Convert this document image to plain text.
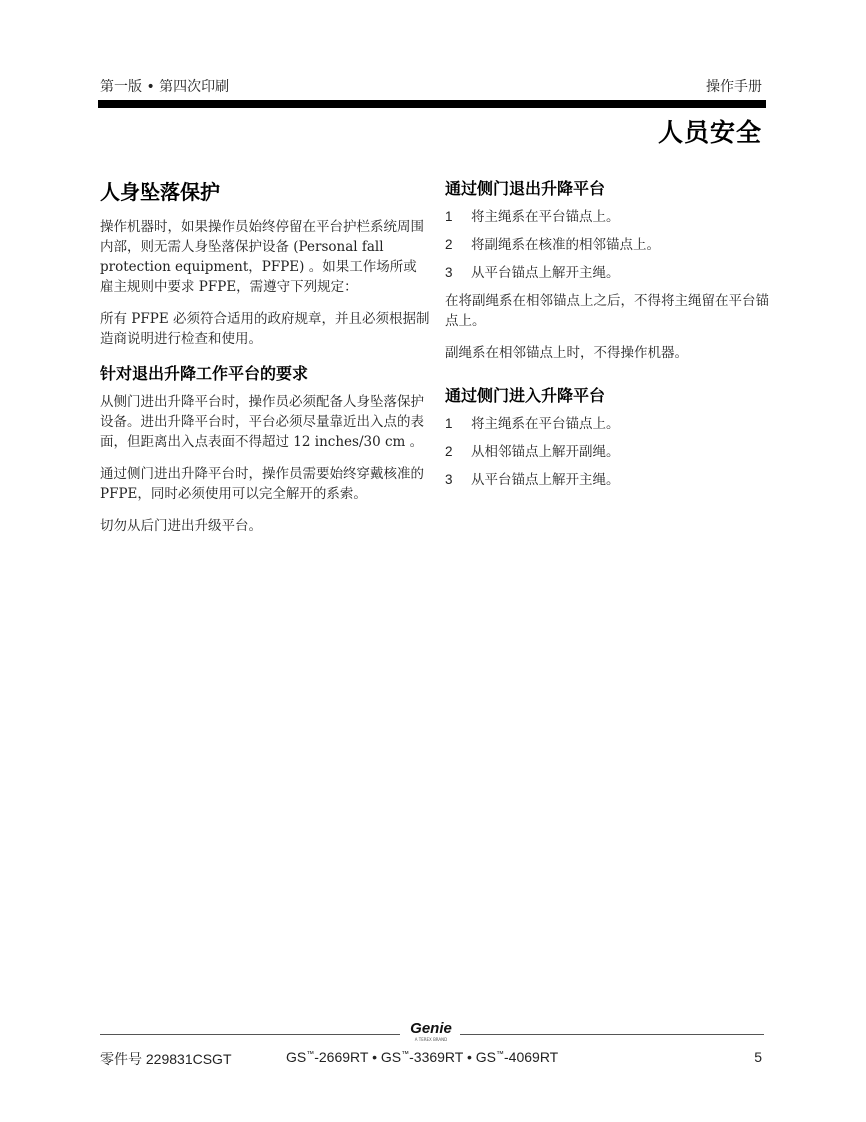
第一版 • 第四次印刷	操作手册
人员安全
人身坠落保护

操作机器时，如果操作员始终停留在平台护栏系统周围内部，则无需人身坠落保护设备 (Personal fall protection equipment，PFPE) 。如果工作场所或雇主规则中要求 PFPE，需遵守下列规定：

所有 PFPE 必须符合适用的政府规章，并且必须根据制造商说明进行检查和使用。

针对退出升降工作平台的要求

从侧门进出升降平台时，操作员必须配备人身坠落保护设备。进出升降平台时，平台必须尽量靠近出入点的表面，但距离出入点表面不得超过 12 inches/30 cm 。

通过侧门进出升降平台时，操作员需要始终穿戴核准的 PFPE，同时必须使用可以完全解开的系索。

切勿从后门进出升级平台。

通过侧门退出升降平台
1	将主绳系在平台锚点上。
2	将副绳系在核准的相邻锚点上。
3	从平台锚点上解开主绳。

在将副绳系在相邻锚点上之后，不得将主绳留在平台锚点上。

副绳系在相邻锚点上时，不得操作机器。

通过侧门进入升降平台
1	将主绳系在平台锚点上。
2	从相邻锚点上解开副绳。
3	从平台锚点上解开主绳。
Genie
A TEREX BRAND
零件号 229831CSGT	GS™-2669RT • GS™-3369RT • GS™-4069RT	5
